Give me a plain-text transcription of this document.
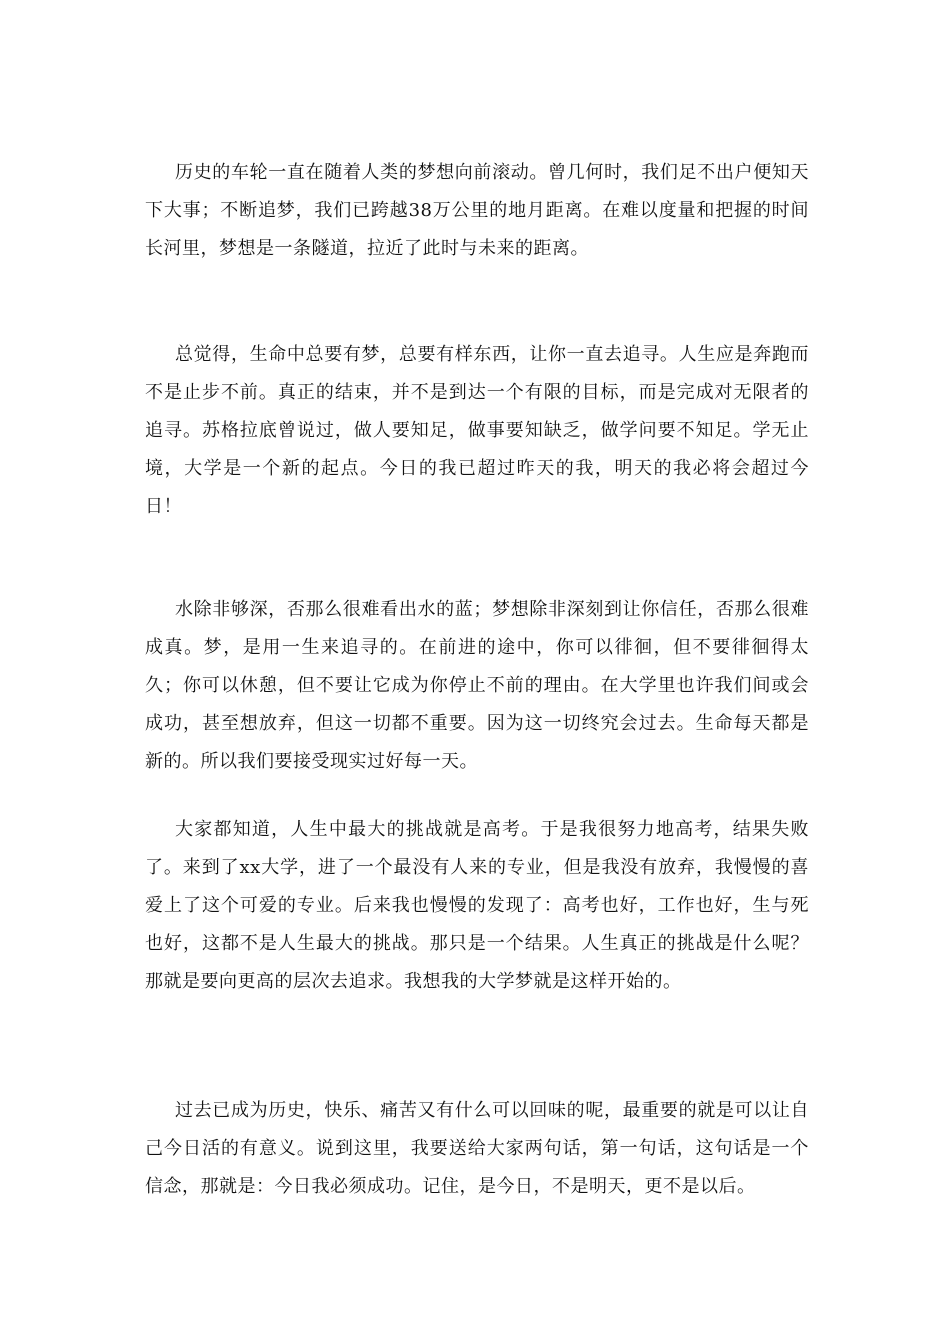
历史的车轮一直在随着人类的梦想向前滚动。曾几何时，我们足不出户便知天下大事；不断追梦，我们已跨越38万公里的地月距离。在难以度量和把握的时间长河里，梦想是一条隧道，拉近了此时与未来的距离。

总觉得，生命中总要有梦，总要有样东西，让你一直去追寻。人生应是奔跑而不是止步不前。真正的结束，并不是到达一个有限的目标，而是完成对无限者的追寻。苏格拉底曾说过，做人要知足，做事要知缺乏，做学问要不知足。学无止境，大学是一个新的起点。今日的我已超过昨天的我，明天的我必将会超过今日！

水除非够深，否那么很难看出水的蓝；梦想除非深刻到让你信任，否那么很难成真。梦，是用一生来追寻的。在前进的途中，你可以徘徊，但不要徘徊得太久；你可以休憩，但不要让它成为你停止不前的理由。在大学里也许我们间或会成功，甚至想放弃，但这一切都不重要。因为这一切终究会过去。生命每天都是新的。所以我们要接受现实过好每一天。

大家都知道，人生中最大的挑战就是高考。于是我很努力地高考，结果失败了。来到了xx大学，进了一个最没有人来的专业，但是我没有放弃，我慢慢的喜爱上了这个可爱的专业。后来我也慢慢的发现了：高考也好，工作也好，生与死也好，这都不是人生最大的挑战。那只是一个结果。人生真正的挑战是什么呢？那就是要向更高的层次去追求。我想我的大学梦就是这样开始的。

过去已成为历史，快乐、痛苦又有什么可以回味的呢，最重要的就是可以让自己今日活的有意义。说到这里，我要送给大家两句话，第一句话，这句话是一个信念，那就是：今日我必须成功。记住，是今日，不是明天，更不是以后。
